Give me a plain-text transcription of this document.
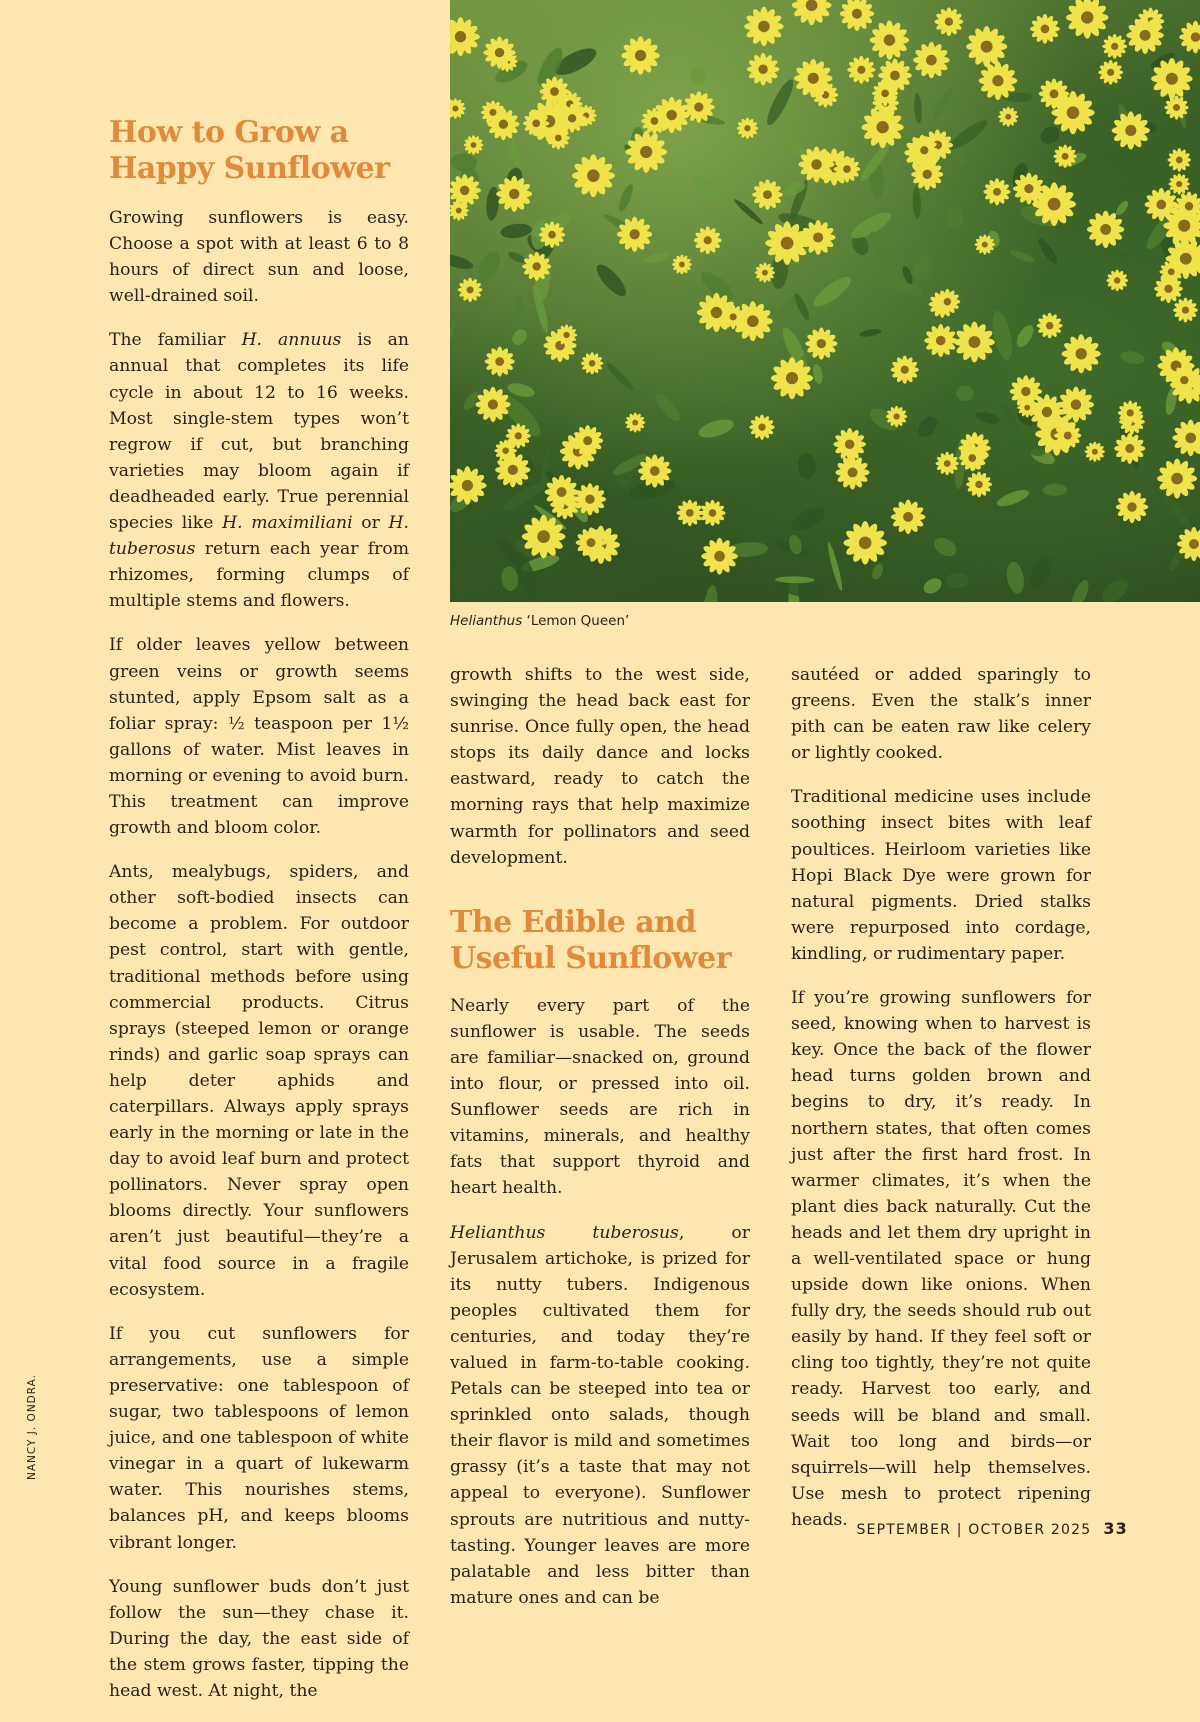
Helianthus ‘Lemon Queen’
How to Grow a
Happy Sunflower

Growing sunflowers is easy. Choose a spot with at least 6 to 8 hours of direct sun and loose, well-drained soil.

The familiar H. annuus is an annual that completes its life cycle in about 12 to 16 weeks. Most single-stem types won’t regrow if cut, but branching varieties may bloom again if deadheaded early. True perennial species like H. maximiliani or H. tuberosus return each year from rhizomes, forming clumps of multiple stems and flowers.

If older leaves yellow between green veins or growth seems stunted, apply Epsom salt as a foliar spray: ½ teaspoon per 1½ gallons of water. Mist leaves in morning or evening to avoid burn. This treatment can improve growth and bloom color.

Ants, mealybugs, spiders, and other soft-bodied insects can become a problem. For outdoor pest control, start with gentle, traditional methods before using commercial products. Citrus sprays (steeped lemon or orange rinds) and garlic soap sprays can help deter aphids and caterpillars. Always apply sprays early in the morning or late in the day to avoid leaf burn and protect pollinators. Never spray open blooms directly. Your sunflowers aren’t just beautiful—they’re a vital food source in a fragile ecosystem.

If you cut sunflowers for arrangements, use a simple preservative: one tablespoon of sugar, two tablespoons of lemon juice, and one tablespoon of white vinegar in a quart of lukewarm water. This nourishes stems, balances pH, and keeps blooms vibrant longer.

Young sunflower buds don’t just follow the sun—they chase it. During the day, the east side of the stem grows faster, tipping the head west. At night, the

growth shifts to the west side, swinging the head back east for sunrise. Once fully open, the head stops its daily dance and locks eastward, ready to catch the morning rays that help maximize warmth for pollinators and seed development.

The Edible and
Useful Sunflower

Nearly every part of the sunflower is usable. The seeds are familiar—snacked on, ground into flour, or pressed into oil. Sunflower seeds are rich in vitamins, minerals, and healthy fats that support thyroid and heart health.

Helianthus tuberosus, or Jerusalem artichoke, is prized for its nutty tubers. Indigenous peoples cultivated them for centuries, and today they’re valued in farm-to-table cooking. Petals can be steeped into tea or sprinkled onto salads, though their flavor is mild and sometimes grassy (it’s a taste that may not appeal to everyone). Sunflower sprouts are nutritious and nutty-tasting. Younger leaves are more palatable and less bitter than mature ones and can be

sautéed or added sparingly to greens. Even the stalk’s inner pith can be eaten raw like celery or lightly cooked.

Traditional medicine uses include soothing insect bites with leaf poultices. Heirloom varieties like Hopi Black Dye were grown for natural pigments. Dried stalks were repurposed into cordage, kindling, or rudimentary paper.

If you’re growing sunflowers for seed, knowing when to harvest is key. Once the back of the flower head turns golden brown and begins to dry, it’s ready. In northern states, that often comes just after the first hard frost. In warmer climates, it’s when the plant dies back naturally. Cut the heads and let them dry upright in a well-ventilated space or hung upside down like onions. When fully dry, the seeds should rub out easily by hand. If they feel soft or cling too tightly, they’re not quite ready. Harvest too early, and seeds will be bland and small. Wait too long and birds—or squirrels—will help themselves. Use mesh to protect ripening heads.

NANCY J. ONDRA.
SEPTEMBER | OCTOBER 2025 33
